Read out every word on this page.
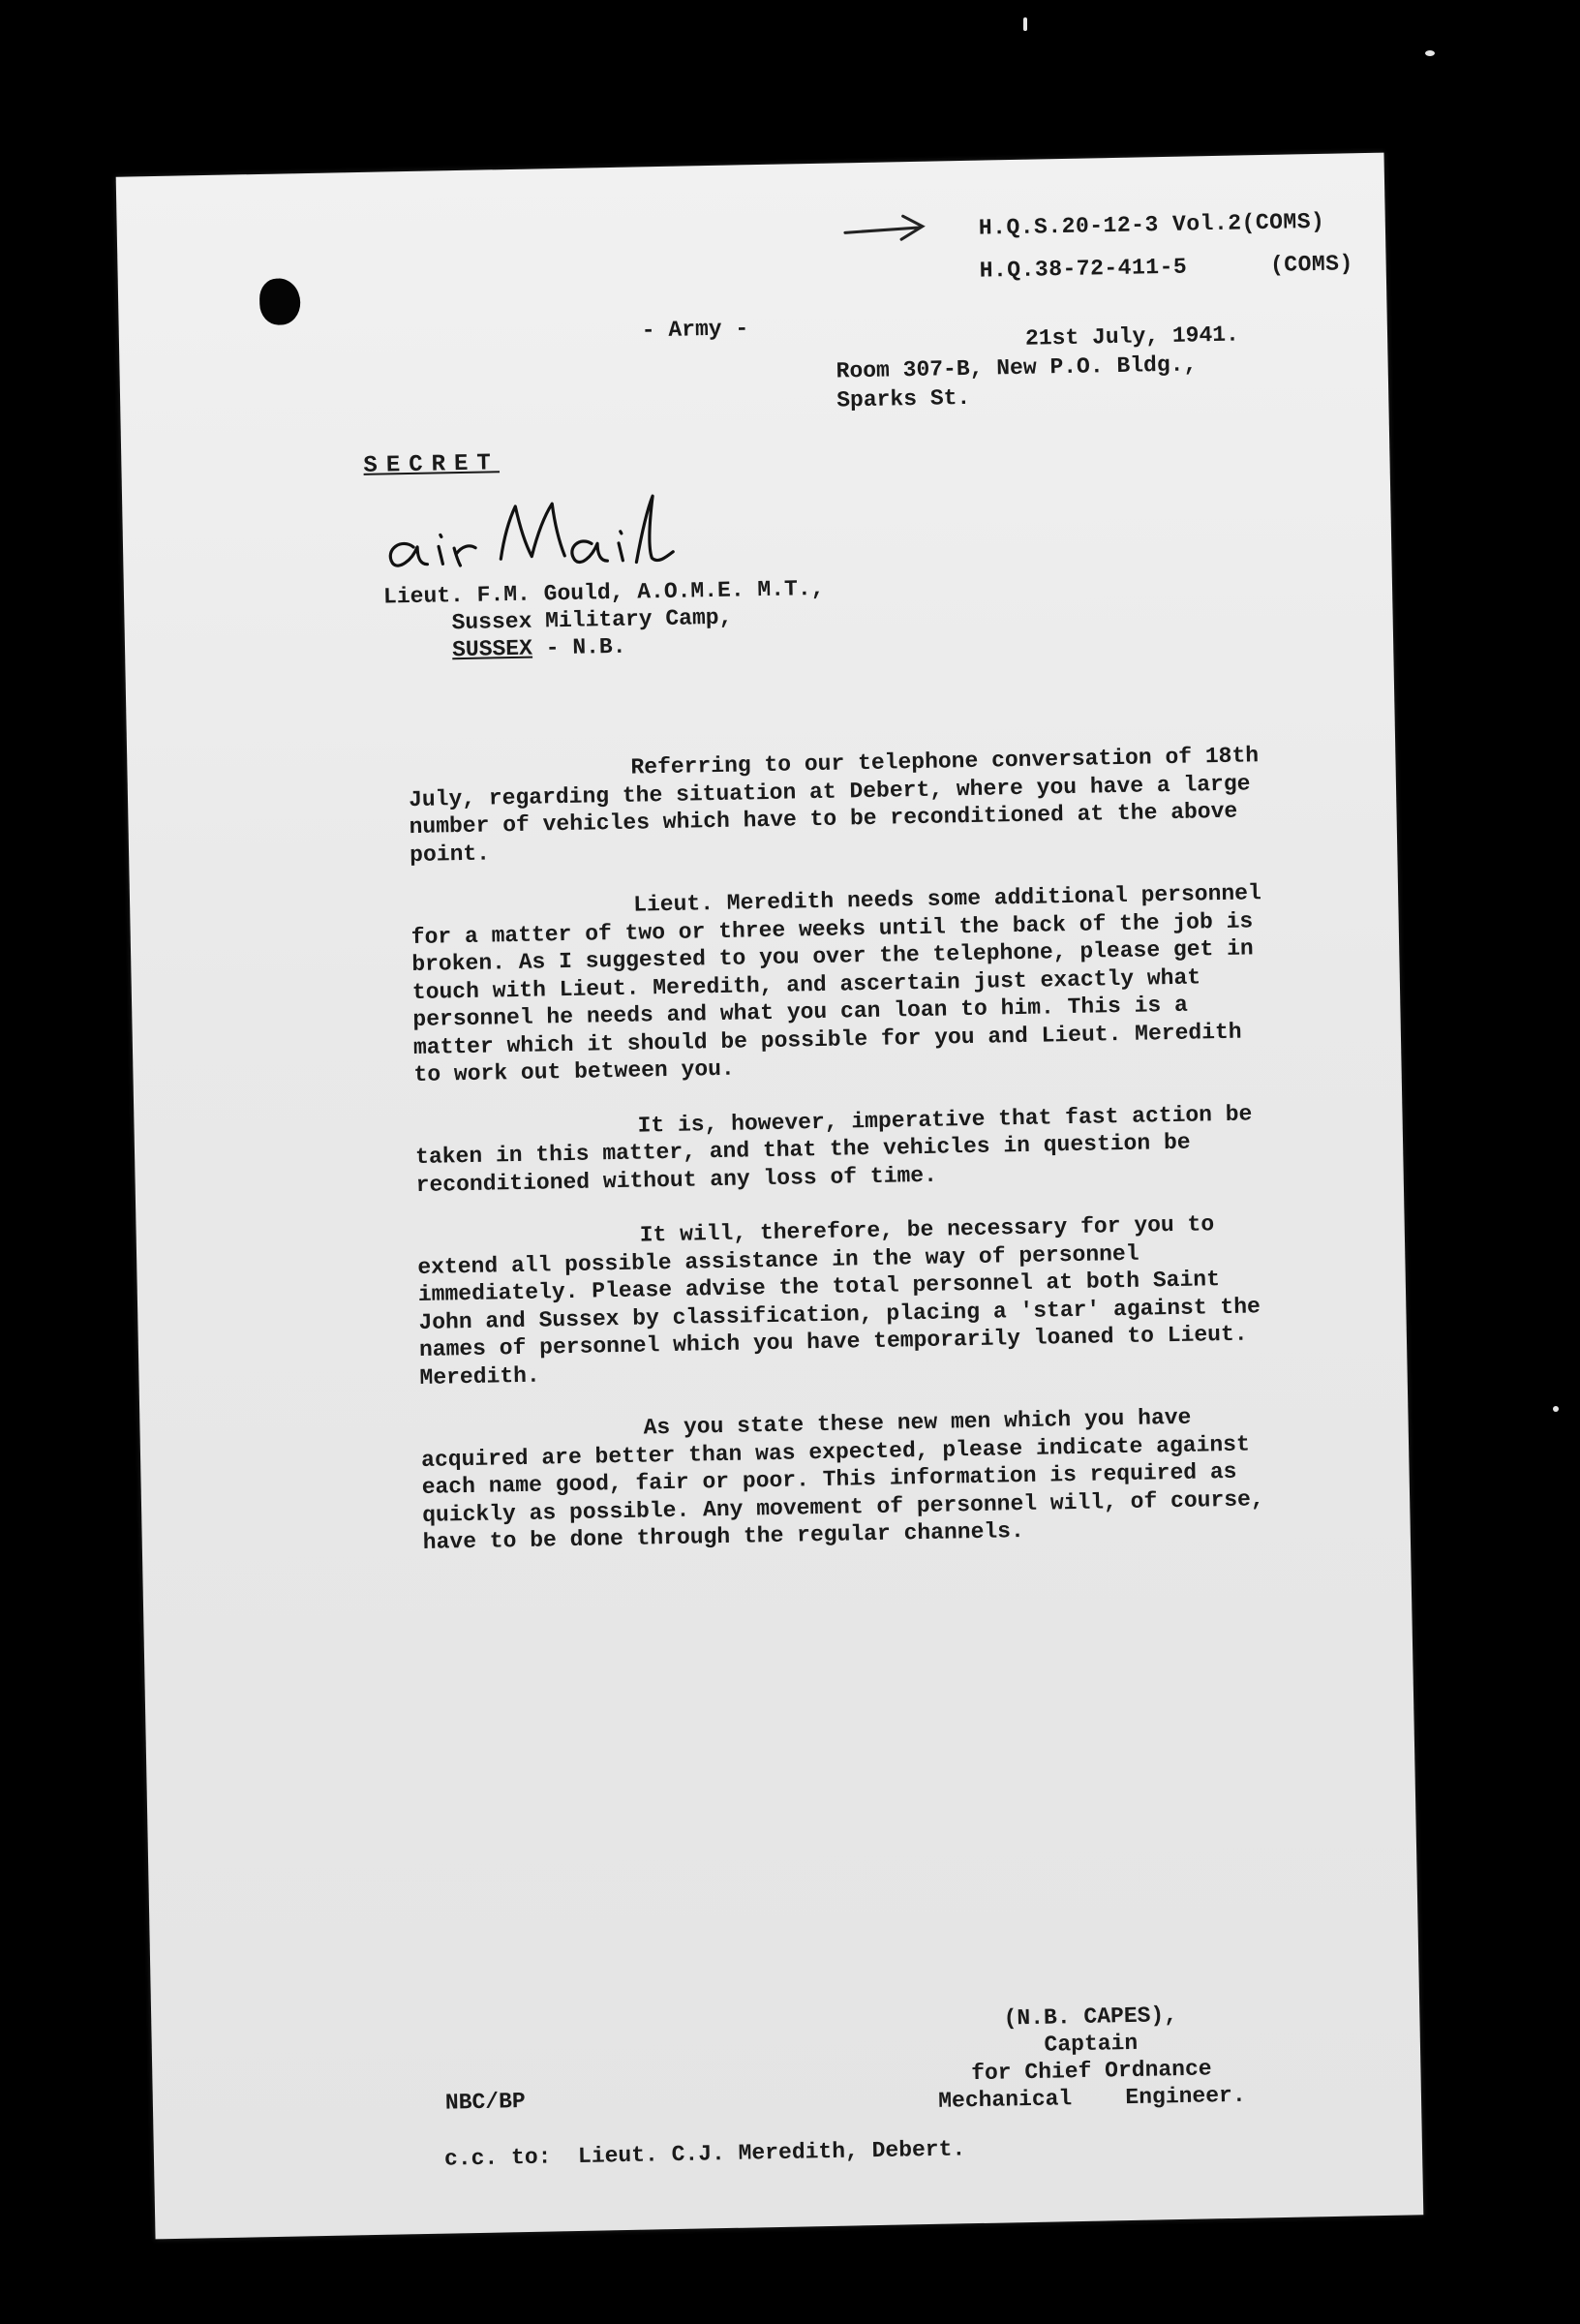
H.Q.S.20-12-3 Vol.2(COMS)
H.Q.38-72-411-5      (COMS)
- Army -	21st July, 1941.
Room 307-B, New P.O. Bldg.,
Sparks St.
SECRET
Lieut. F.M. Gould, A.O.M.E. M.T.,
Sussex Military Camp,
SUSSEX - N.B.

Referring to our telephone conversation of 18th July, regarding the situation at Debert, where you have a large number of vehicles which have to be reconditioned at the above point.

Lieut. Meredith needs some additional personnel for a matter of two or three weeks until the back of the job is broken. As I suggested to you over the telephone, please get in touch with Lieut. Meredith, and ascertain just exactly what personnel he needs and what you can loan to him. This is a matter which it should be possible for you and Lieut. Meredith to work out between you.

It is, however, imperative that fast action be taken in this matter, and that the vehicles in question be reconditioned without any loss of time.

It will, therefore, be necessary for you to extend all possible assistance in the way of personnel immediately. Please advise the total personnel at both Saint John and Sussex by classification, placing a 'star' against the names of personnel which you have temporarily loaned to Lieut. Meredith.

As you state these new men which you have acquired are better than was expected, please indicate against each name good, fair or poor. This information is required as quickly as possible. Any movement of personnel will, of course, have to be done through the regular channels.

(N.B. CAPES),
Captain
for Chief Ordnance
Mechanical    Engineer.
NBC/BP
c.c. to:  Lieut. C.J. Meredith, Debert.
